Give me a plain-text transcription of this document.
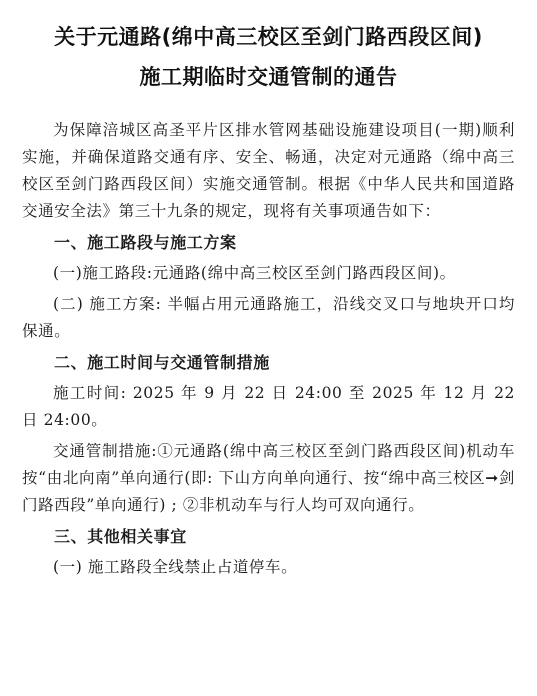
关于元通路(绵中高三校区至剑门路西段区间)
施工期临时交通管制的通告

为保障涪城区高圣平片区排水管网基础设施建设项目(一期)顺利实施，并确保道路交通有序、安全、畅通，决定对元通路（绵中高三校区至剑门路西段区间）实施交通管制。根据《中华人民共和国道路交通安全法》第三十九条的规定，现将有关事项通告如下：

一、施工路段与施工方案

(一)施工路段:元通路(绵中高三校区至剑门路西段区间)。

(二) 施工方案: 半幅占用元通路施工，沿线交叉口与地块开口均保通。

二、施工时间与交通管制措施

施工时间: 2025 年 9 月 22 日 24:00 至 2025 年 12 月 22 日 24:00。

交通管制措施:①元通路(绵中高三校区至剑门路西段区间)机动车按“由北向南”单向通行(即: 下山方向单向通行、按“绵中高三校区➞剑门路西段”单向通行) ; ②非机动车与行人均可双向通行。

三、其他相关事宜

(一) 施工路段全线禁止占道停车。
